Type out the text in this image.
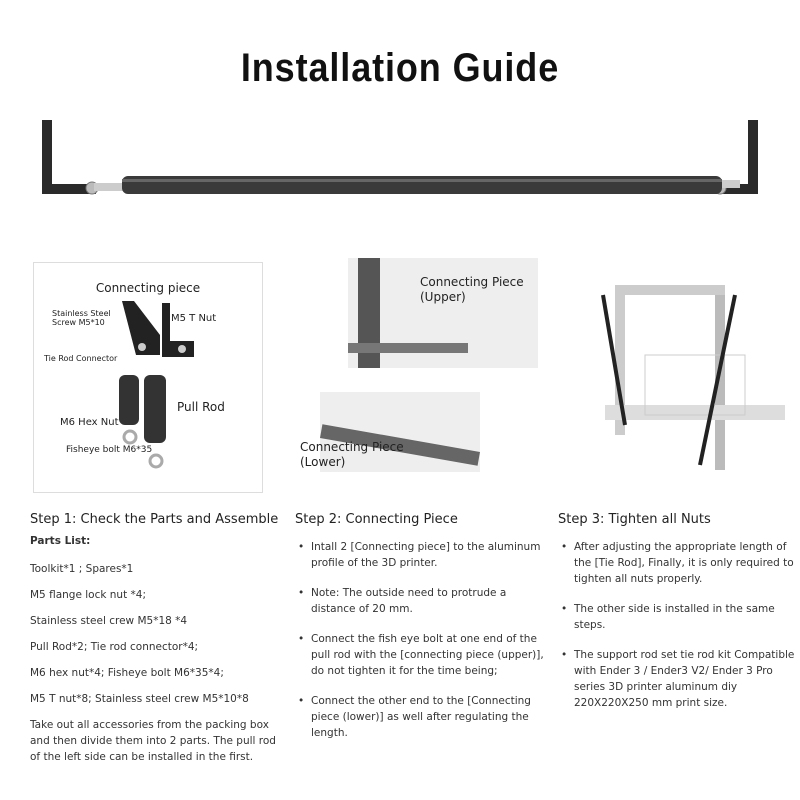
Installation Guide
Connecting piece
Stainless Steel
Screw M5*10	M5 T Nut
Tie Rod Connector
Pull Rod
M6 Hex Nut
Fisheye bolt M6*35
Connecting Piece (Upper)
Connecting Piece (Lower)
Step 1: Check the Parts and Assemble

Parts List:

Toolkit*1 ; Spares*1

M5 flange lock nut *4;

Stainless steel crew M5*18 *4

Pull Rod*2; Tie rod connector*4;

M6 hex nut*4; Fisheye bolt M6*35*4;

M5 T nut*8; Stainless steel crew M5*10*8

Take out all accessories from the packing box and then divide them into 2 parts. The pull rod of the left side can be installed in the first.

Step 2: Connecting Piece
• Intall 2 [Connecting piece] to the aluminum profile of the 3D printer.
• Note: The outside need to protrude a distance of 20 mm.
• Connect the fish eye bolt at one end of the pull rod with the [connecting piece (upper)], do not tighten it for the time being;
• Connect the other end to the [Connecting piece (lower)] as well after regulating the length.
Step 3: Tighten all Nuts
• After adjusting the appropriate length of the [Tie Rod], Finally, it is only required to tighten all nuts properly.
• The other side is installed in the same steps.
• The support rod set tie rod kit Compatible with Ender 3 / Ender3 V2/ Ender 3 Pro series 3D printer aluminum diy 220X220X250 mm print size.
